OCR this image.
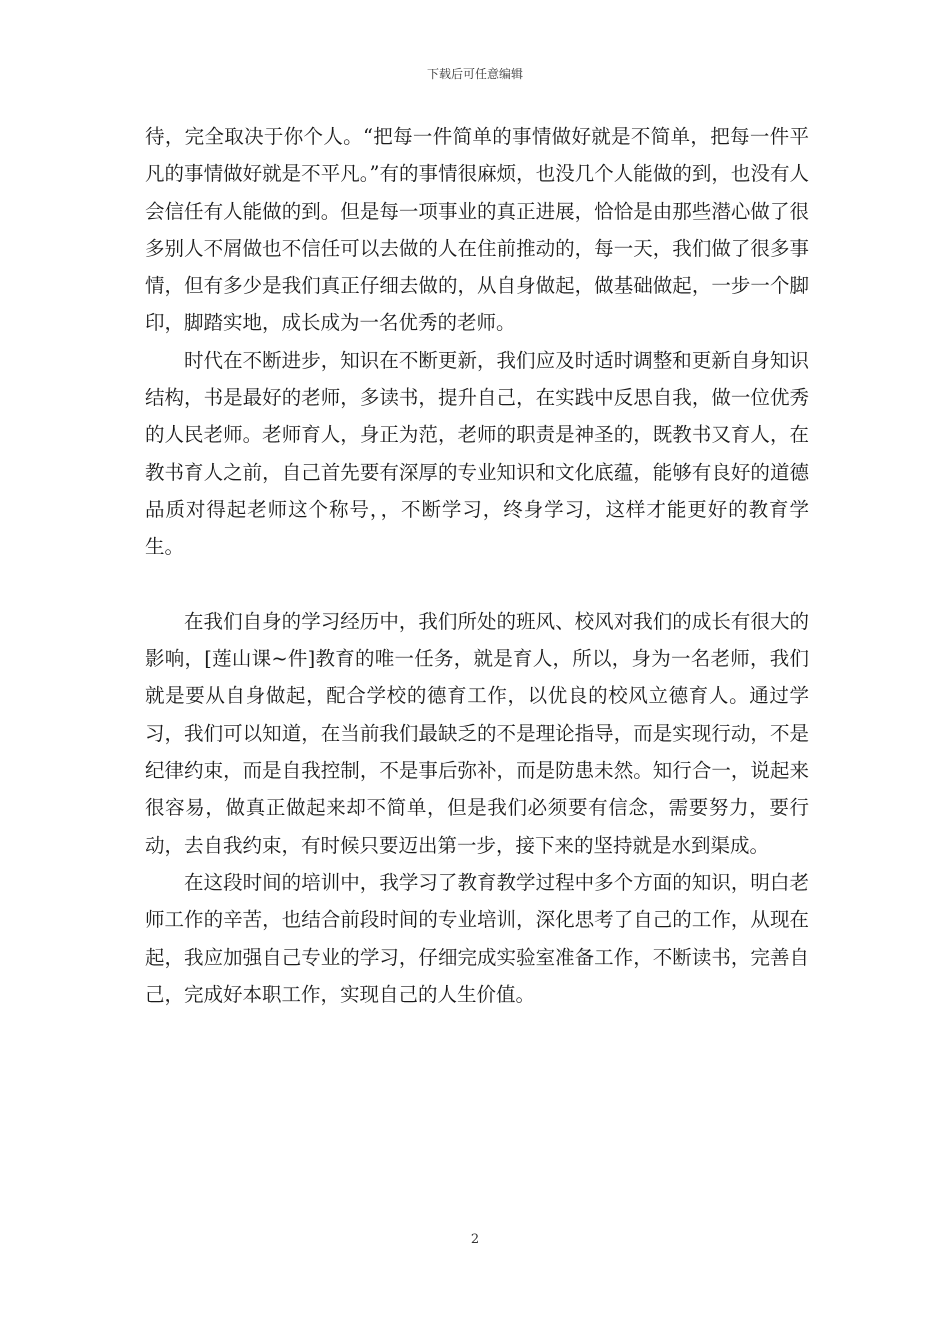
下载后可任意编辑

待，完全取决于你个人。“把每一件简单的事情做好就是不简单，把每一件平凡的事情做好就是不平凡。”有的事情很麻烦，也没几个人能做的到，也没有人会信任有人能做的到。但是每一项事业的真正进展，恰恰是由那些潜心做了很多别人不屑做也不信任可以去做的人在住前推动的，每一天，我们做了很多事情，但有多少是我们真正仔细去做的，从自身做起，做基础做起，一步一个脚印，脚踏实地，成长成为一名优秀的老师。

时代在不断进步，知识在不断更新，我们应及时适时调整和更新自身知识结构，书是最好的老师，多读书，提升自己，在实践中反思自我，做一位优秀的人民老师。老师育人，身正为范，老师的职责是神圣的，既教书又育人，在教书育人之前，自己首先要有深厚的专业知识和文化底蕴，能够有良好的道德品质对得起老师这个称号，，不断学习，终身学习，这样才能更好的教育学生。

在我们自身的学习经历中，我们所处的班风、校风对我们的成长有很大的影响，[莲山课~件]教育的唯一任务，就是育人，所以，身为一名老师，我们就是要从自身做起，配合学校的德育工作，以优良的校风立德育人。通过学习，我们可以知道，在当前我们最缺乏的不是理论指导，而是实现行动，不是纪律约束，而是自我控制，不是事后弥补，而是防患未然。知行合一，说起来很容易，做真正做起来却不简单，但是我们必须要有信念，需要努力，要行动，去自我约束，有时候只要迈出第一步，接下来的坚持就是水到渠成。

在这段时间的培训中，我学习了教育教学过程中多个方面的知识，明白老师工作的辛苦，也结合前段时间的专业培训，深化思考了自己的工作，从现在起，我应加强自己专业的学习，仔细完成实验室准备工作，不断读书，完善自己，完成好本职工作，实现自己的人生价值。

2
